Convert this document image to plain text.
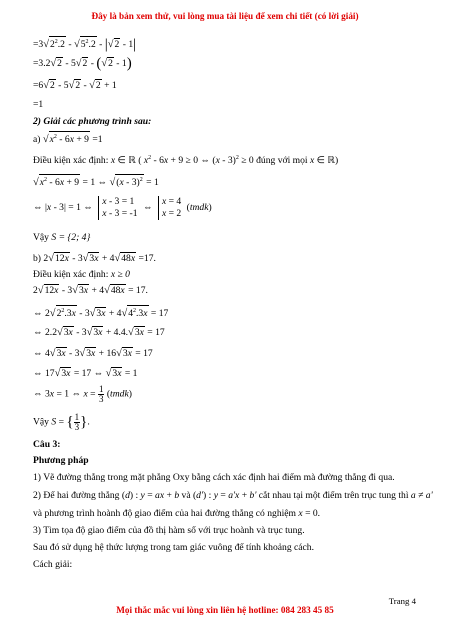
Đây là bản xem thử, vui lòng mua tài liệu để xem chi tiết (có lời giải)
$=3√2^2.2 - √5^2.2 - |√2 - 1|$
=3.2√2 - 5√2 - (√2 - 1)
=6√2 - 5√2 - √2 + 1
=1
2) Giải các phương trình sau:
a) $√x^2 - 6x + 9 =1$
Điều kiện xác định: x ∈ ℝ ( $x^2 - 6x + 9 \ge 0$ ⇔ (x - 3)$^2$ ≥ 0 đúng với mọi x ∈ ℝ)
$√x^2 - 6x + 9 = 1$ ⇔ √(x - 3)$^2$ = 1
⇔ |x - 3| = 1 ⇔ x - 3 = 1
x - 3 = -1 ⇔ x = 4
x = 2 (tmdk)
Vậy S = {2; 4}
b) 2√12x - 3√3x + 4√48x =17.
Điều kiện xác định: x ≥ 0
2√12x - 3√3x + 4√48x = 17.
⇔ $2√2^2.3x - 3√3x + 4√4^2.3x = 17$
⇔ 2.2√3x - 3√3x + 4.4.√3x = 17
⇔ 4√3x - 3√3x + 16√3x = 17
⇔ 17√3x = 17 ⇔ √3x = 1
⇔ 3x = 1 ⇔ $x = \frac{1}{3}$ (tmdk)
Vậy S = { $\frac{1}{3}$ }.
Câu 3:
Phương pháp
1) Vẽ đường thẳng trong mặt phẳng Oxy bằng cách xác định hai điểm mà đường thẳng đi qua.
2) Để hai đường thẳng (d) : y = ax + b và (d') : y = a'x + b' cắt nhau tại một điểm trên trục tung thì a ≠ a'
và phương trình hoành độ giao điểm của hai đường thẳng có nghiệm x = 0.
3) Tìm tọa độ giao điểm của đồ thị hàm số với trục hoành và trục tung.
Sau đó sử dụng hệ thức lượng trong tam giác vuông để tính khoảng cách.
Cách giải:
Trang 4
Mọi thắc mắc vui lòng xin liên hệ hotline: 084 283 45 85
